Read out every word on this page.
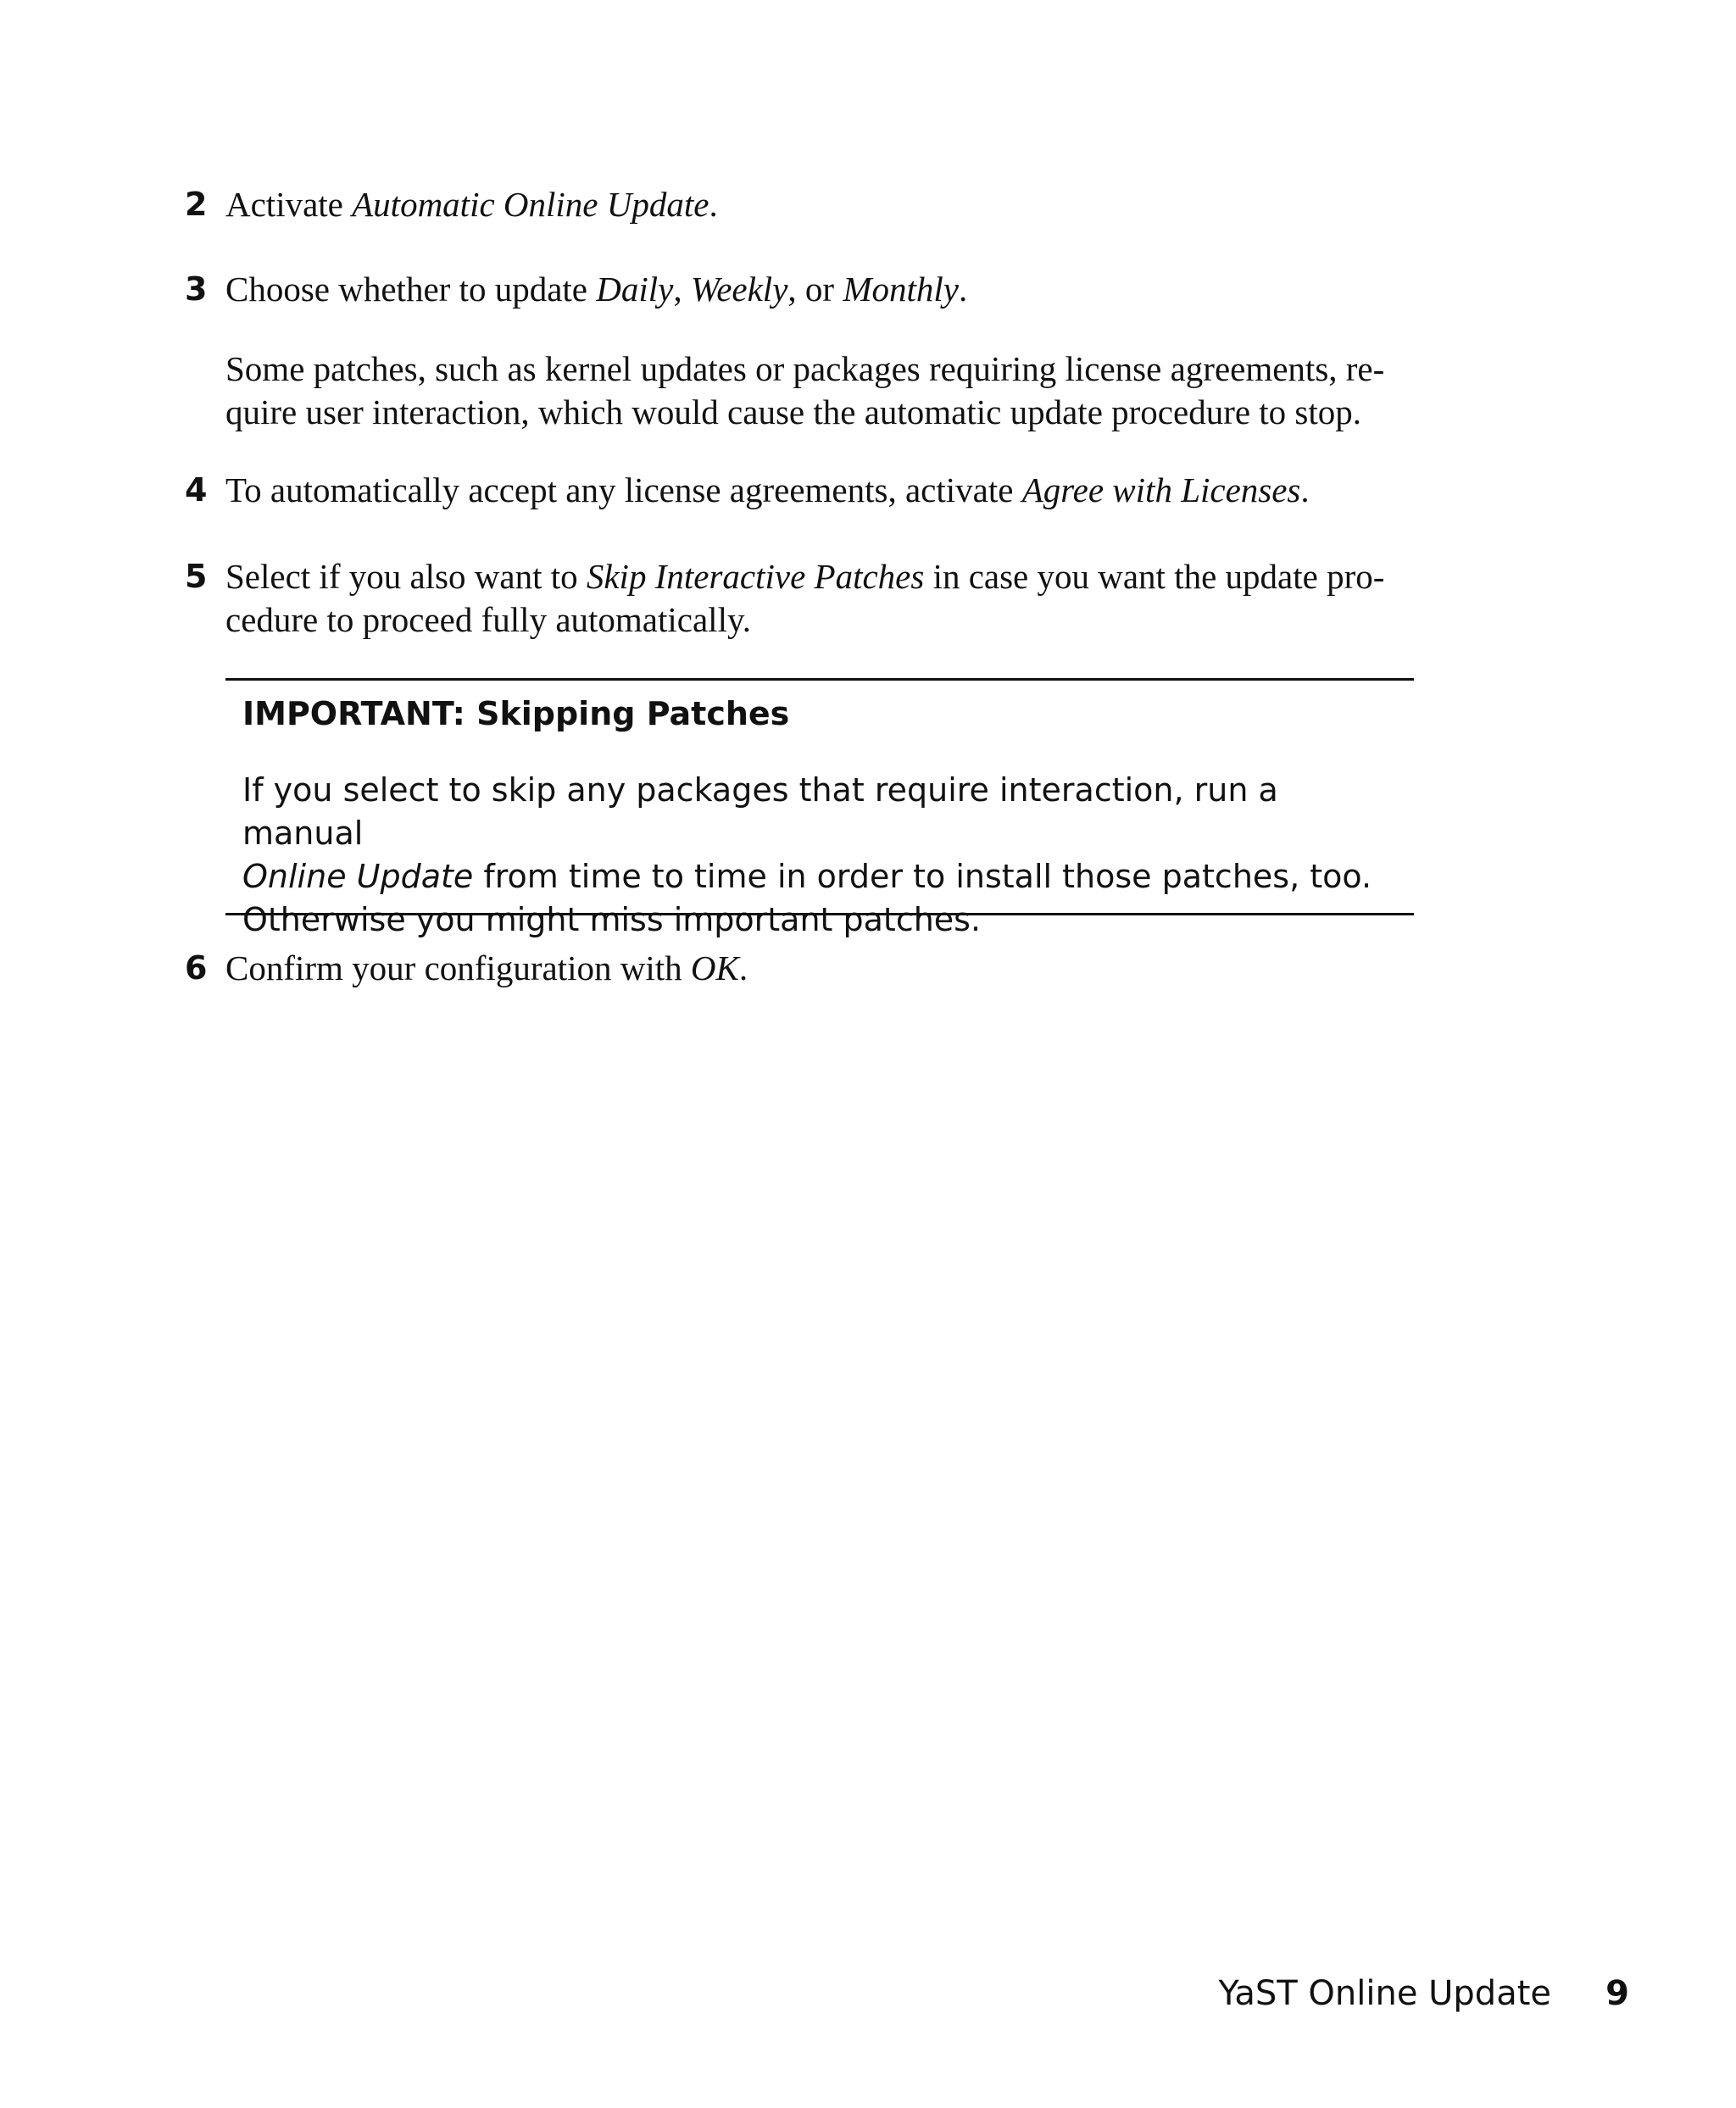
2 Activate Automatic Online Update.
3 Choose whether to update Daily, Weekly, or Monthly.
Some patches, such as kernel updates or packages requiring license agreements, re-
quire user interaction, which would cause the automatic update procedure to stop.
4 To automatically accept any license agreements, activate Agree with Licenses.
5 Select if you also want to Skip Interactive Patches in case you want the update pro-
cedure to proceed fully automatically.
IMPORTANT: Skipping Patches
If you select to skip any packages that require interaction, run a manual
Online Update from time to time in order to install those patches, too.
Otherwise you might miss important patches.
6 Confirm your configuration with OK.
YaST Online Update 9
